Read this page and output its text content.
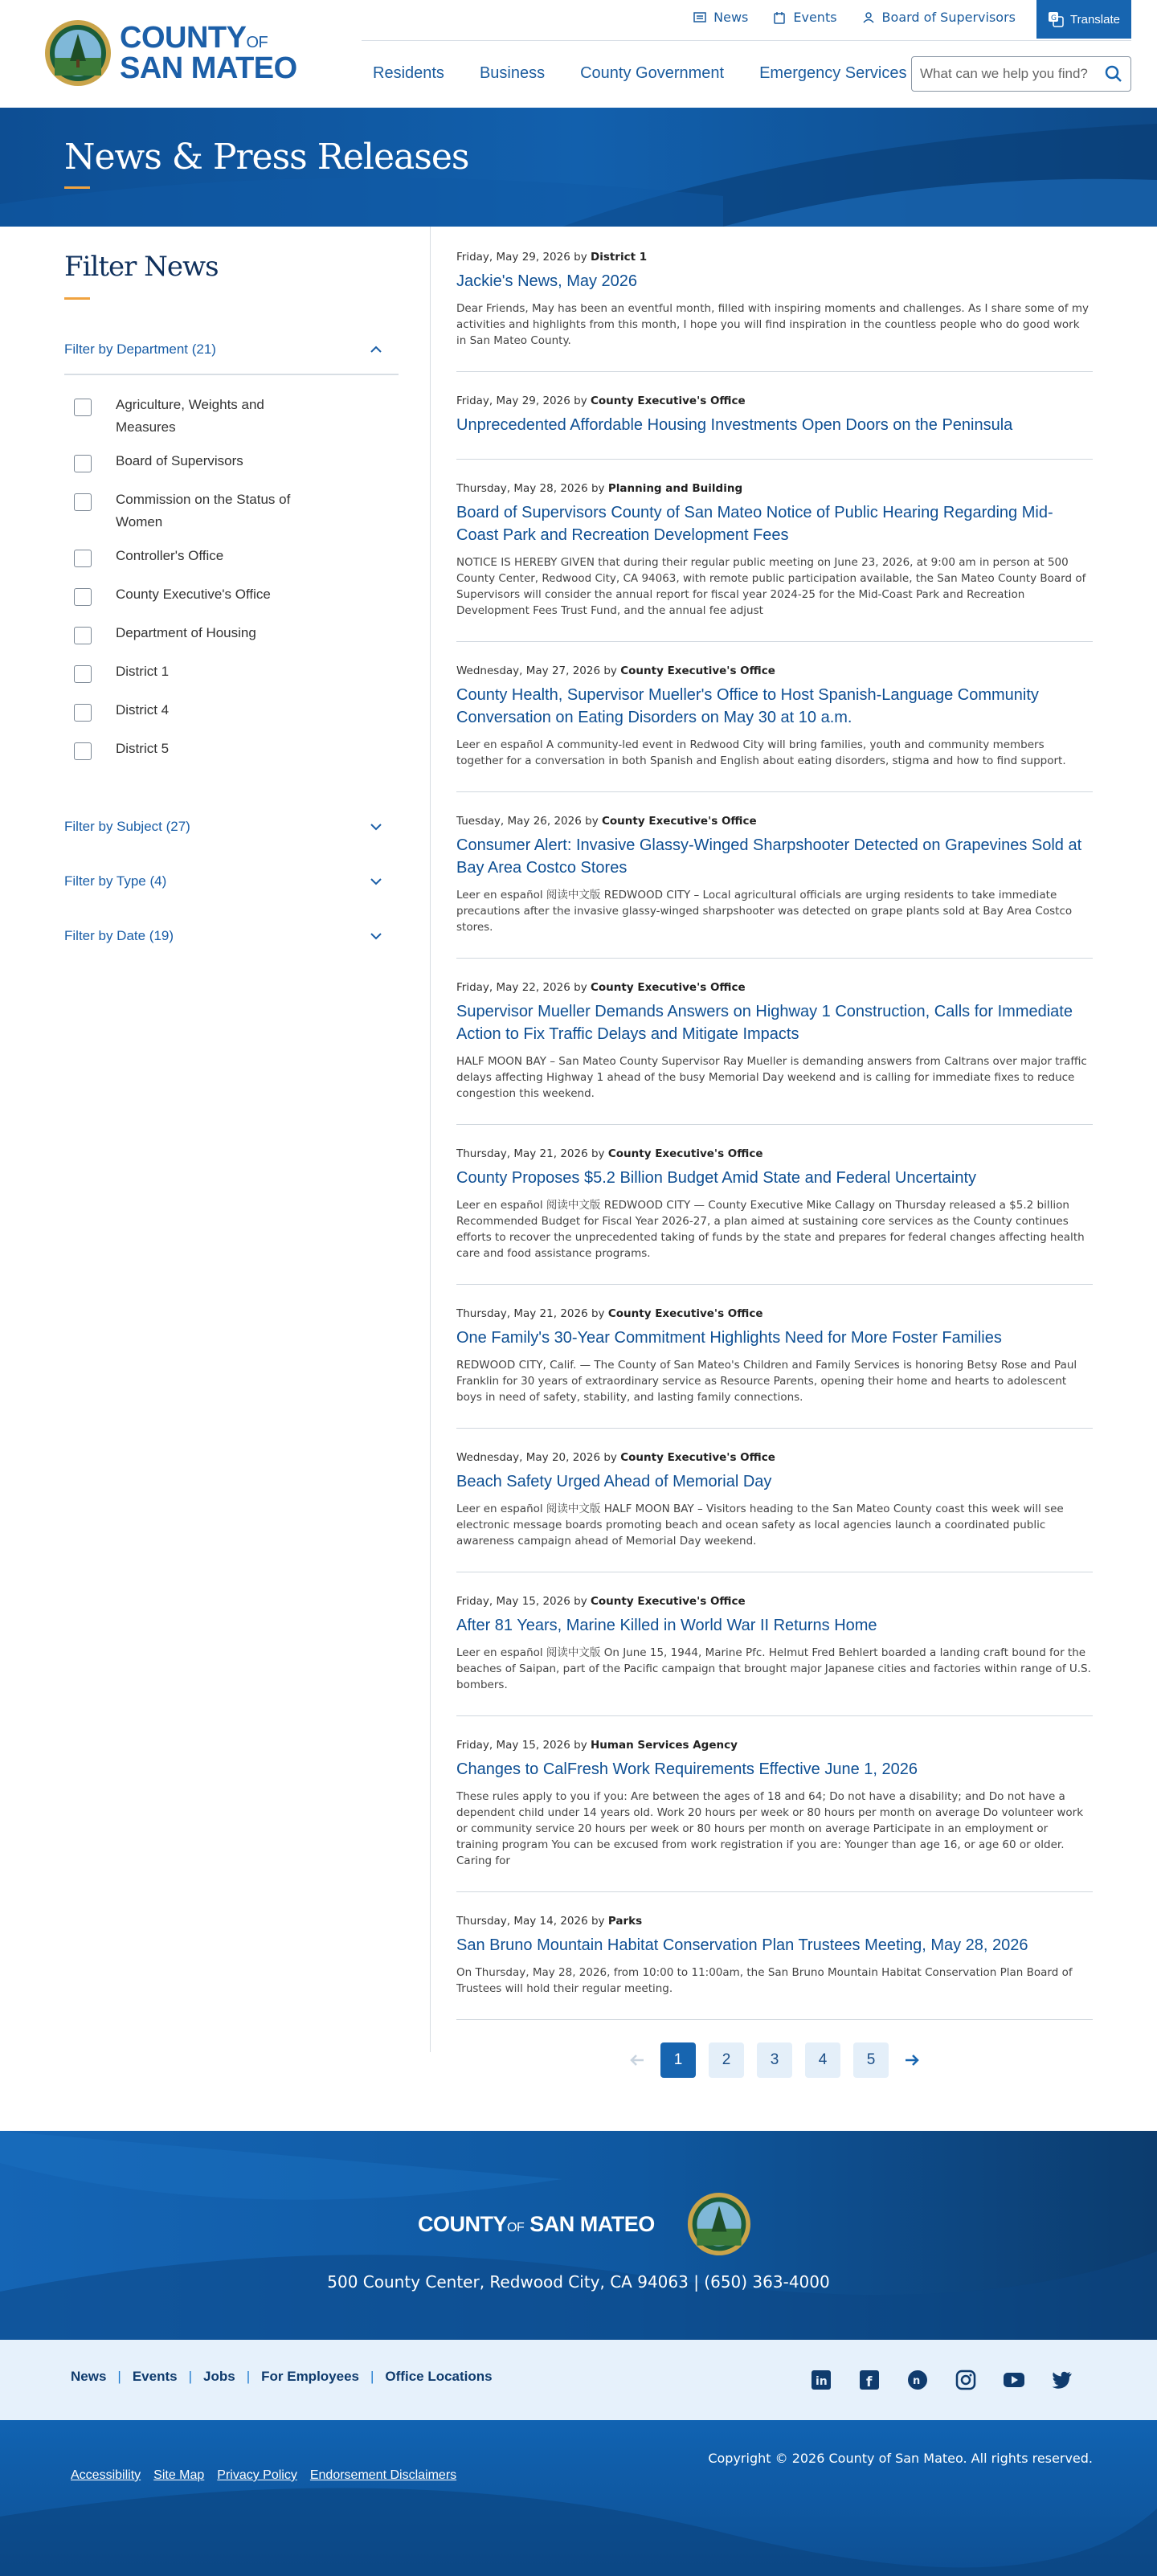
COUNTYOF
SAN MATEO
News	Events	Board of Supervisors	G Translate
Residents Business County Government Emergency Services What can we help you find?
News & Press Releases
Filter News
Filter by Department (21)
Agriculture, Weights and Measures
Board of Supervisors
Commission on the Status of Women
Controller's Office
County Executive's Office
Department of Housing
District 1
District 4
District 5
Filter by Subject (27)
Filter by Type (4)
Filter by Date (19)
Friday, May 29, 2026 by District 1
Jackie's News, May 2026

Dear Friends, May has been an eventful month, filled with inspiring moments and challenges. As I share some of my activities and highlights from this month, I hope you will find inspiration in the countless people who do good work in San Mateo County.

Friday, May 29, 2026 by County Executive's Office
Unprecedented Affordable Housing Investments Open Doors on the Peninsula
Thursday, May 28, 2026 by Planning and Building
Board of Supervisors County of San Mateo Notice of Public Hearing Regarding Mid-Coast Park and Recreation Development Fees

NOTICE IS HEREBY GIVEN that during their regular public meeting on June 23, 2026, at 9:00 am in person at 500 County Center, Redwood City, CA 94063, with remote public participation available, the San Mateo County Board of Supervisors will consider the annual report for fiscal year 2024-25 for the Mid-Coast Park and Recreation Development Fees Trust Fund, and the annual fee adjust

Wednesday, May 27, 2026 by County Executive's Office
County Health, Supervisor Mueller's Office to Host Spanish-Language Community Conversation on Eating Disorders on May 30 at 10 a.m.

Leer en español A community-led event in Redwood City will bring families, youth and community members together for a conversation in both Spanish and English about eating disorders, stigma and how to find support.

Tuesday, May 26, 2026 by County Executive's Office
Consumer Alert: Invasive Glassy-Winged Sharpshooter Detected on Grapevines Sold at Bay Area Costco Stores

Leer en español 阅读中文版 REDWOOD CITY – Local agricultural officials are urging residents to take immediate precautions after the invasive glassy-winged sharpshooter was detected on grape plants sold at Bay Area Costco stores.

Friday, May 22, 2026 by County Executive's Office
Supervisor Mueller Demands Answers on Highway 1 Construction, Calls for Immediate Action to Fix Traffic Delays and Mitigate Impacts

HALF MOON BAY – San Mateo County Supervisor Ray Mueller is demanding answers from Caltrans over major traffic delays affecting Highway 1 ahead of the busy Memorial Day weekend and is calling for immediate fixes to reduce congestion this weekend.

Thursday, May 21, 2026 by County Executive's Office
County Proposes $5.2 Billion Budget Amid State and Federal Uncertainty

Leer en español 阅读中文版 REDWOOD CITY — County Executive Mike Callagy on Thursday released a $5.2 billion Recommended Budget for Fiscal Year 2026-27, a plan aimed at sustaining core services as the County continues efforts to recover the unprecedented taking of funds by the state and prepares for federal changes affecting health care and food assistance programs.

Thursday, May 21, 2026 by County Executive's Office
One Family's 30-Year Commitment Highlights Need for More Foster Families

REDWOOD CITY, Calif. — The County of San Mateo's Children and Family Services is honoring Betsy Rose and Paul Franklin for 30 years of extraordinary service as Resource Parents, opening their home and hearts to adolescent boys in need of safety, stability, and lasting family connections.

Wednesday, May 20, 2026 by County Executive's Office
Beach Safety Urged Ahead of Memorial Day

Leer en español 阅读中文版 HALF MOON BAY – Visitors heading to the San Mateo County coast this week will see electronic message boards promoting beach and ocean safety as local agencies launch a coordinated public awareness campaign ahead of Memorial Day weekend.

Friday, May 15, 2026 by County Executive's Office
After 81 Years, Marine Killed in World War II Returns Home

Leer en español 阅读中文版 On June 15, 1944, Marine Pfc. Helmut Fred Behlert boarded a landing craft bound for the beaches of Saipan, part of the Pacific campaign that brought major Japanese cities and factories within range of U.S. bombers.

Friday, May 15, 2026 by Human Services Agency
Changes to CalFresh Work Requirements Effective June 1, 2026

These rules apply to you if you: Are between the ages of 18 and 64; Do not have a disability; and Do not have a dependent child under 14 years old. Work 20 hours per week or 80 hours per month on average Do volunteer work or community service 20 hours per week or 80 hours per month on average Participate in an employment or training program You can be excused from work registration if you are: Younger than age 16, or age 60 or older. Caring for

Thursday, May 14, 2026 by Parks
San Bruno Mountain Habitat Conservation Plan Trustees Meeting, May 28, 2026

On Thursday, May 28, 2026, from 10:00 to 11:00am, the San Bruno Mountain Habitat Conservation Plan Board of Trustees will hold their regular meeting.

1	2	3	4	5
COUNTYOF SAN MATEO
500 County Center, Redwood City, CA 94063 | (650) 363-4000
News | Events | Jobs | For Employees | Office Locations	in	f	n
Accessibility Site Map Privacy Policy Endorsement Disclaimers
Copyright © 2026 County of San Mateo. All rights reserved.
